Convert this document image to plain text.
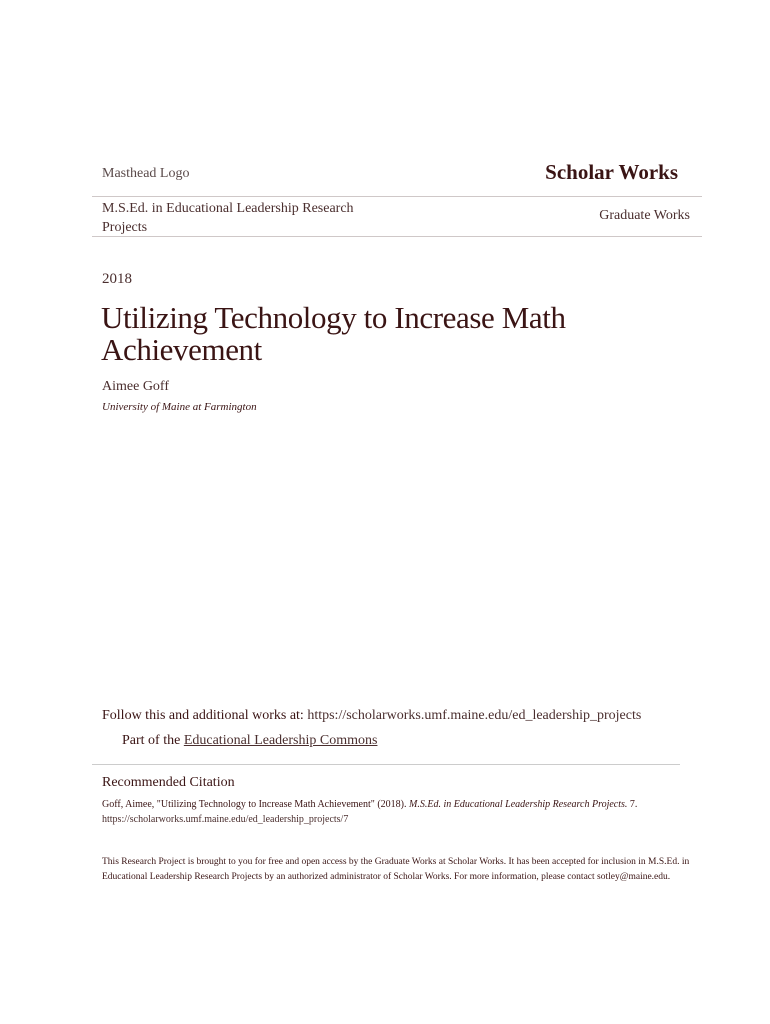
Masthead Logo	Scholar Works
M.S.Ed. in Educational Leadership Research Projects
Graduate Works
2018
Utilizing Technology to Increase Math Achievement
Aimee Goff
University of Maine at Farmington
Follow this and additional works at: https://scholarworks.umf.maine.edu/ed_leadership_projects
Part of the Educational Leadership Commons
Recommended Citation
Goff, Aimee, "Utilizing Technology to Increase Math Achievement" (2018). M.S.Ed. in Educational Leadership Research Projects. 7.
https://scholarworks.umf.maine.edu/ed_leadership_projects/7
This Research Project is brought to you for free and open access by the Graduate Works at Scholar Works. It has been accepted for inclusion in M.S.Ed. in Educational Leadership Research Projects by an authorized administrator of Scholar Works. For more information, please contact sotley@maine.edu.
